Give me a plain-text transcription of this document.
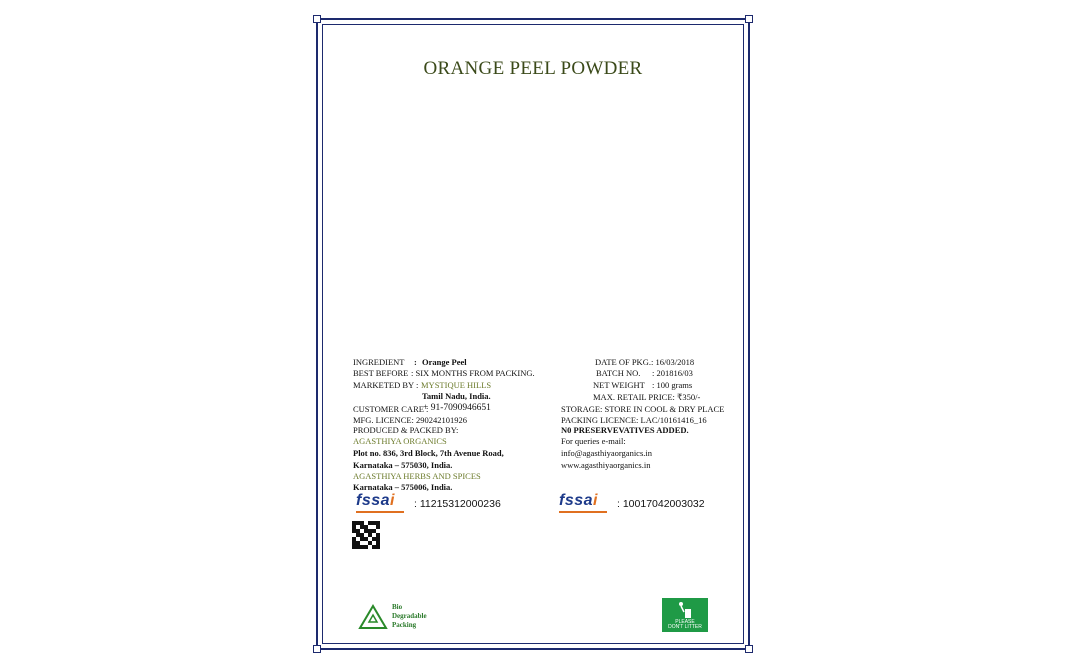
ORANGE PEEL POWDER
INGREDIENT : Orange Peel
BEST BEFORE : SIX MONTHS FROM PACKING.
MARKETED BY : MYSTIQUE HILLS
Tamil Nadu, India.
CUSTOMER CARE :
+ 91-7090946651
MFG. LICENCE: 290242101926
PRODUCED & PACKED BY:
AGASTHIYA ORGANICS
Plot no. 836, 3rd Block, 7th Avenue Road,
Karnataka – 575030, India.
AGASTHIYA HERBS AND SPICES
Karnataka – 575006, India.
DATE OF PKG.: 16/03/2018
BATCH NO. : 201816/03
NET WEIGHT : 100 grams
MAX. RETAIL PRICE: ₹350/-
STORAGE: STORE IN COOL & DRY PLACE
PACKING LICENCE: LAC/10161416_16
N0 PRESERVEVATIVES ADDED.
For queries e-mail:
info@agasthiyaorganics.in
www.agasthiyaorganics.in
fssai : 11215312000236	fssai : 10017042003032
Bio
Degradable
Packing	PLEASE
DON'T LITTER
